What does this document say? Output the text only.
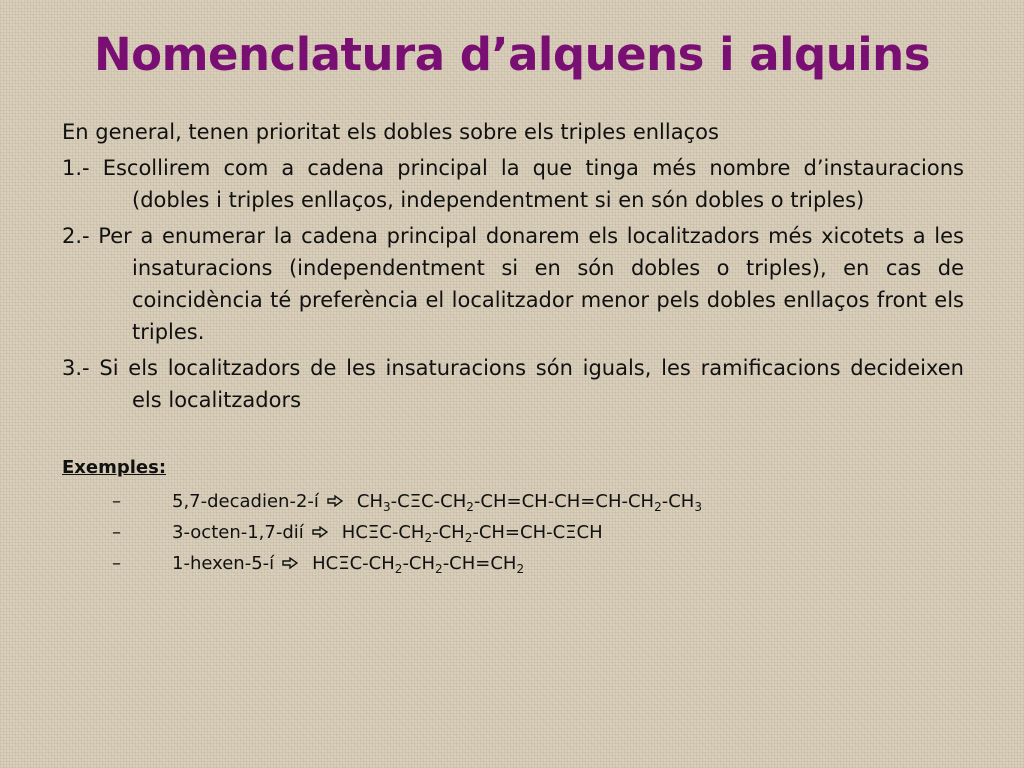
Nomenclatura d’alquens i alquins

En general, tenen prioritat els dobles sobre els triples enllaços

1.- Escollirem com a cadena principal la que tinga més nombre d’instauracions (dobles i triples enllaços, independentment si en són dobles o triples)

2.- Per a enumerar la cadena principal donarem els localitzadors més xicotets a les insaturacions (independentment si en són dobles o triples), en cas de coincidència té preferència el localitzador menor pels dobles enllaços front els triples.

3.- Si els localitzadors de les insaturacions són iguals, les ramificacions decideixen els localitzadors

Exemples:
–	5,7-decadien-2-í $CH_3-C\Xi C-CH_2-CH=CH-CH=CH-CH_2-CH_3$
–	3-octen-1,7-dií HCΞC-$CH_2-CH_2-CH=CH$-CΞCH
–	1-hexen-5-í HCΞC-$CH_2-CH_2-CH=CH_2$
